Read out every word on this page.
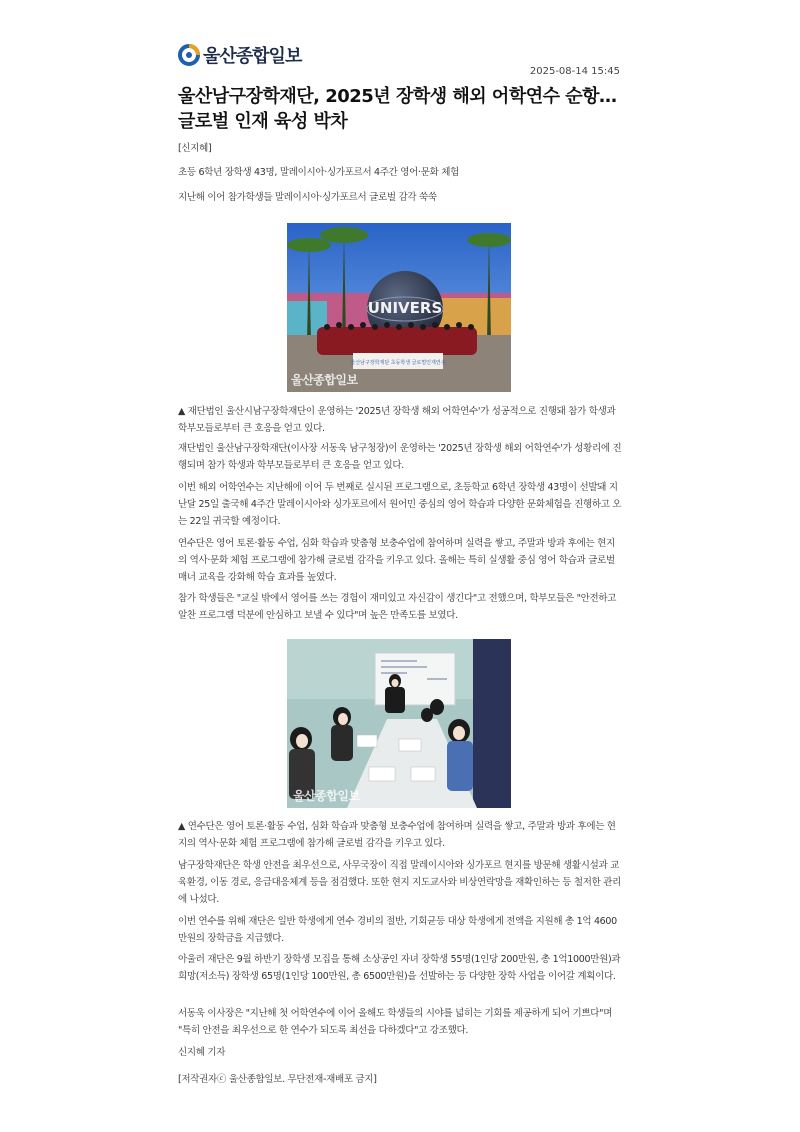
울산종합일보
2025-08-14 15:45
울산남구장학재단, 2025년 장학생 해외 어학연수 순항… 글로벌 인재 육성 박차

[신지혜]

초등 6학년 장학생 43명, 말레이시아·싱가포르서 4주간 영어·문화 체험

지난해 이어 참가학생들 말레이시아·싱가포르서 글로벌 감각 쑥쑥

UNIVERS
울산남구장학재단 초등학생 글로벌인재연수
울산종합일보

▲ 재단법인 울산시남구장학재단이 운영하는 '2025년 장학생 해외 어학연수'가 성공적으로 진행돼 참가 학생과 학부모들로부터 큰 호응을 얻고 있다.

재단법인 울산남구장학재단(이사장 서동욱 남구청장)이 운영하는 '2025년 장학생 해외 어학연수'가 성황리에 진행되며 참가 학생과 학부모들로부터 큰 호응을 얻고 있다.

이번 해외 어학연수는 지난해에 이어 두 번째로 실시된 프로그램으로, 초등학교 6학년 장학생 43명이 선발돼 지난달 25일 출국해 4주간 말레이시아와 싱가포르에서 원어민 중심의 영어 학습과 다양한 문화체험을 진행하고 오는 22일 귀국할 예정이다.

연수단은 영어 토론·활동 수업, 심화 학습과 맞춤형 보충수업에 참여하며 실력을 쌓고, 주말과 방과 후에는 현지의 역사·문화 체험 프로그램에 참가해 글로벌 감각을 키우고 있다. 올해는 특히 실생활 중심 영어 학습과 글로벌 매너 교육을 강화해 학습 효과를 높였다.

참가 학생들은 "교실 밖에서 영어를 쓰는 경험이 재미있고 자신감이 생긴다"고 전했으며, 학부모들은 "안전하고 알찬 프로그램 덕분에 안심하고 보낼 수 있다"며 높은 만족도를 보였다.

울산종합일보

▲ 연수단은 영어 토론·활동 수업, 심화 학습과 맞춤형 보충수업에 참여하며 실력을 쌓고, 주말과 방과 후에는 현지의 역사·문화 체험 프로그램에 참가해 글로벌 감각을 키우고 있다.

남구장학재단은 학생 안전을 최우선으로, 사무국장이 직접 말레이시아와 싱가포르 현지를 방문해 생활시설과 교육환경, 이동 경로, 응급대응체계 등을 점검했다. 또한 현지 지도교사와 비상연락망을 재확인하는 등 철저한 관리에 나섰다.

이번 연수를 위해 재단은 일반 학생에게 연수 경비의 절반, 기회균등 대상 학생에게 전액을 지원해 총 1억 4600만원의 장학금을 지급했다.

아울러 재단은 9월 하반기 장학생 모집을 통해 소상공인 자녀 장학생 55명(1인당 200만원, 총 1억1000만원)과 희망(저소득) 장학생 65명(1인당 100만원, 총 6500만원)을 선발하는 등 다양한 장학 사업을 이어갈 계획이다.

서동욱 이사장은 "지난해 첫 어학연수에 이어 올해도 학생들의 시야를 넓히는 기회를 제공하게 되어 기쁘다"며 "특히 안전을 최우선으로 한 연수가 되도록 최선을 다하겠다"고 강조했다.

신지혜 기자

[저작권자ⓒ 울산종합일보. 무단전재-재배포 금지]
